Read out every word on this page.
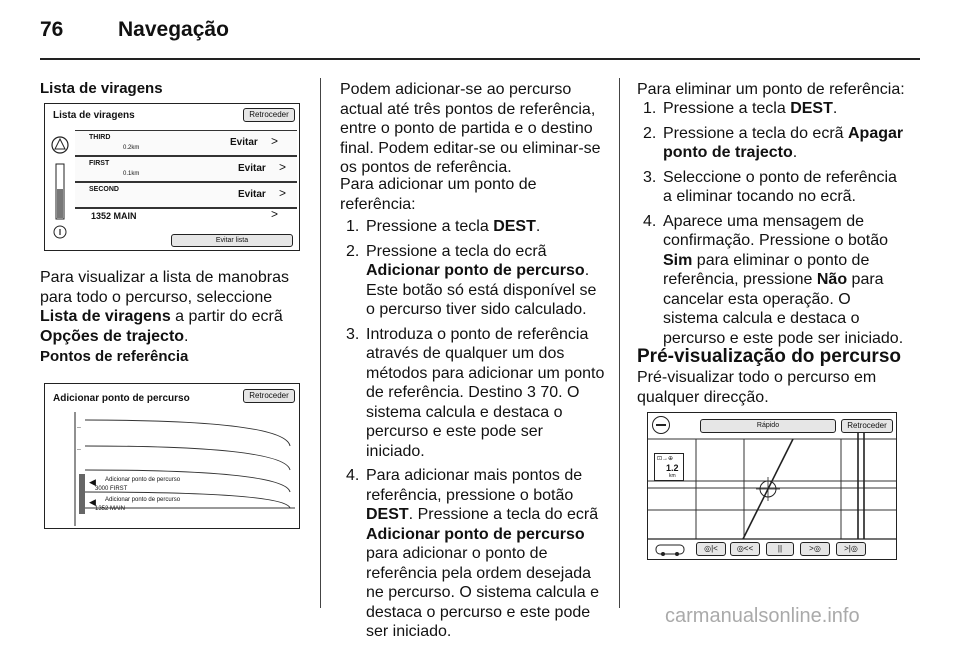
76	Navegação
Lista de viragens
Lista de viragens	Retroceder
THIRD
0.2km	Evitar >
FIRST
0.1km	Evitar >
SECOND	Evitar >
1352 MAIN	>
Evitar lista
Para visualizar a lista de manobras para todo o percurso, seleccione Lista de viragens a partir do ecrã Opções de trajecto.
Pontos de referência
Adicionar ponto de percurso	Retroceder
–
–
◀ Adicionar ponto de percurso
3000 FIRST
◀ Adicionar ponto de percurso
1352 MAIN
Podem adicionar-se ao percurso actual até três pontos de referência, entre o ponto de partida e o destino final. Podem editar-se ou eliminar-se os pontos de referência.
Para adicionar um ponto de referência:
1. Pressione a tecla DEST.
2. Pressione a tecla do ecrã Adicionar ponto de percurso. Este botão só está disponível se o percurso tiver sido calculado.
3. Introduza o ponto de referência através de qualquer um dos métodos para adicionar um ponto de referência. Destino 3 70. O sistema calcula e destaca o percurso e este pode ser iniciado.
4. Para adicionar mais pontos de referência, pressione o botão DEST. Pressione a tecla do ecrã Adicionar ponto de percurso para adicionar o ponto de referência pela ordem desejada ne percurso. O sistema calcula e destaca o percurso e este pode ser iniciado.
Para eliminar um ponto de referência:
1. Pressione a tecla DEST.
2. Pressione a tecla do ecrã Apagar ponto de trajecto.
3. Seleccione o ponto de referência a eliminar tocando no ecrã.
4. Aparece uma mensagem de confirmação. Pressione o botão Sim para eliminar o ponto de referência, pressione Não para cancelar esta operação. O sistema calcula e destaca o percurso e este pode ser iniciado.
Pré-visualização do percurso
Pré-visualizar todo o percurso em qualquer direcção.
Rápido	Retroceder
⊡→⊕
1.2
km
◎|<	◎<<	||	>◎	>|◎
carmanualsonline.info
